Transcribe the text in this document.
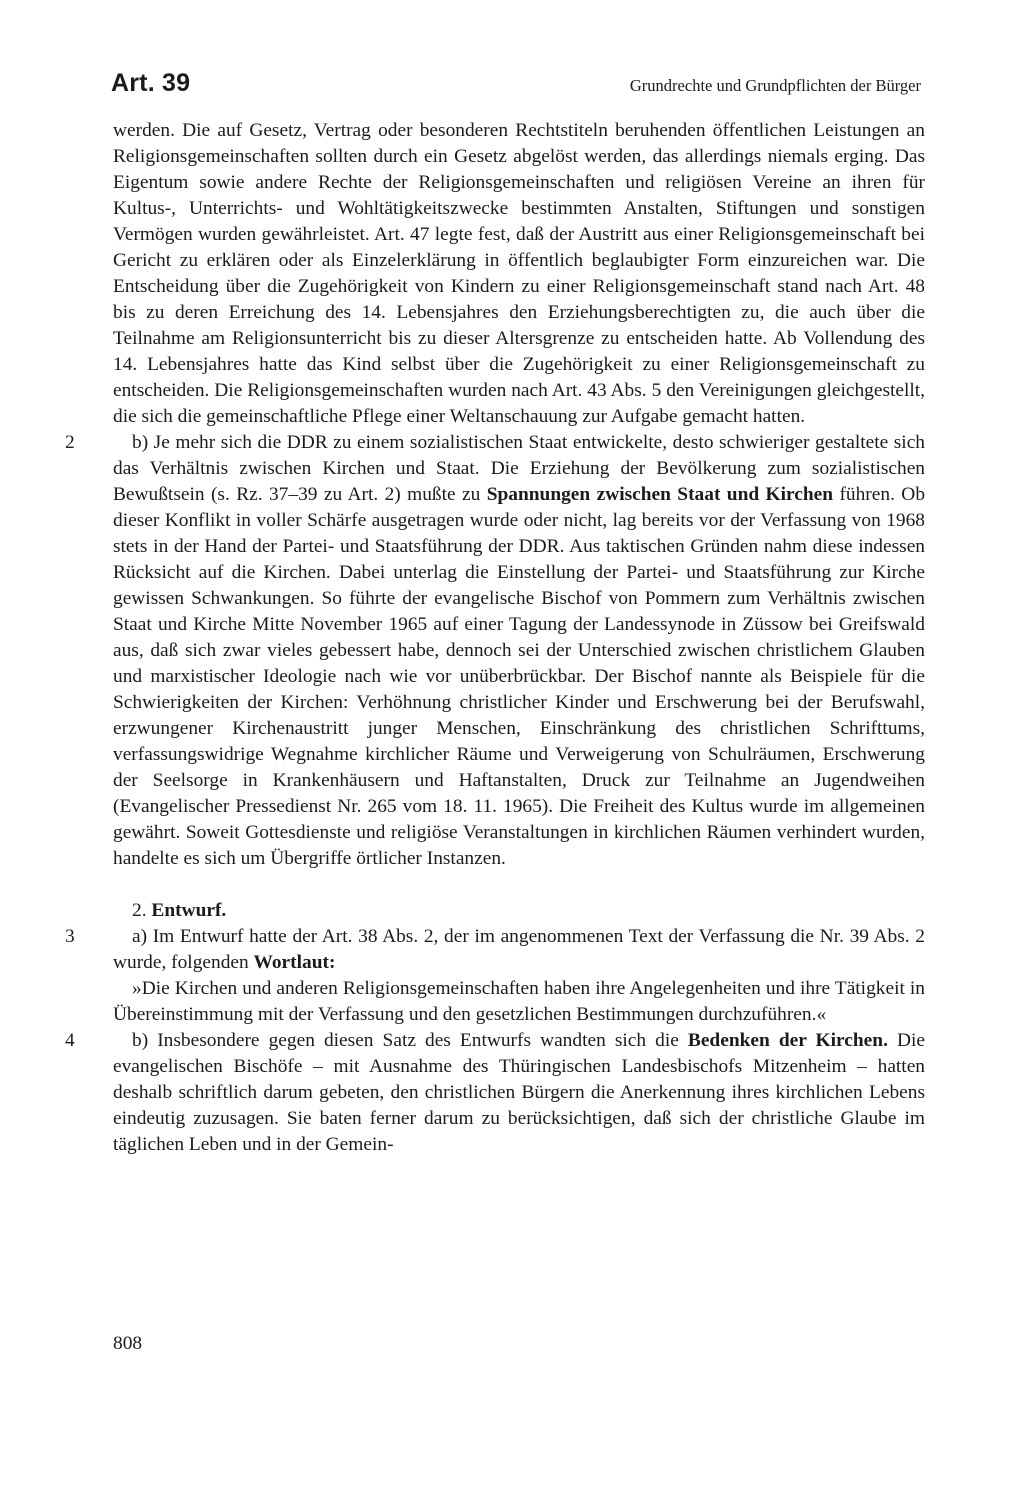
Art. 39	Grundrechte und Grundpflichten der Bürger

werden. Die auf Gesetz, Vertrag oder besonderen Rechtstiteln beruhenden öffentlichen Leistungen an Religionsgemeinschaften sollten durch ein Gesetz abgelöst werden, das allerdings niemals erging. Das Eigentum sowie andere Rechte der Religionsgemeinschaften und religiösen Vereine an ihren für Kultus-, Unterrichts- und Wohltätigkeitszwecke bestimmten Anstalten, Stiftungen und sonstigen Vermögen wurden gewährleistet. Art. 47 legte fest, daß der Austritt aus einer Religionsgemeinschaft bei Gericht zu erklären oder als Einzelerklärung in öffentlich beglaubigter Form einzureichen war. Die Entscheidung über die Zugehörigkeit von Kindern zu einer Religionsgemeinschaft stand nach Art. 48 bis zu deren Erreichung des 14. Lebensjahres den Erziehungsberechtigten zu, die auch über die Teilnahme am Religionsunterricht bis zu dieser Altersgrenze zu entscheiden hatte. Ab Vollendung des 14. Lebensjahres hatte das Kind selbst über die Zugehörigkeit zu einer Religionsgemeinschaft zu entscheiden. Die Religionsgemeinschaften wurden nach Art. 43 Abs. 5 den Vereinigungen gleichgestellt, die sich die gemeinschaftliche Pflege einer Weltanschauung zur Aufgabe gemacht hatten.

2	b) Je mehr sich die DDR zu einem sozialistischen Staat entwickelte, desto schwieriger gestaltete sich das Verhältnis zwischen Kirchen und Staat. Die Erziehung der Bevölkerung zum sozialistischen Bewußtsein (s. Rz. 37–39 zu Art. 2) mußte zu Spannungen zwischen Staat und Kirchen führen. Ob dieser Konflikt in voller Schärfe ausgetragen wurde oder nicht, lag bereits vor der Verfassung von 1968 stets in der Hand der Partei- und Staatsführung der DDR. Aus taktischen Gründen nahm diese indessen Rücksicht auf die Kirchen. Dabei unterlag die Einstellung der Partei- und Staatsführung zur Kirche gewissen Schwankungen. So führte der evangelische Bischof von Pommern zum Verhältnis zwischen Staat und Kirche Mitte November 1965 auf einer Tagung der Landessynode in Züssow bei Greifswald aus, daß sich zwar vieles gebessert habe, dennoch sei der Unterschied zwischen christlichem Glauben und marxistischer Ideologie nach wie vor unüberbrückbar. Der Bischof nannte als Beispiele für die Schwierigkeiten der Kirchen: Verhöhnung christlicher Kinder und Erschwerung bei der Berufswahl, erzwungener Kirchenaustritt junger Menschen, Einschränkung des christlichen Schrifttums, verfassungswidrige Wegnahme kirchlicher Räume und Verweigerung von Schulräumen, Erschwerung der Seelsorge in Krankenhäusern und Haftanstalten, Druck zur Teilnahme an Jugendweihen (Evangelischer Pressedienst Nr. 265 vom 18. 11. 1965). Die Freiheit des Kultus wurde im allgemeinen gewährt. Soweit Gottesdienste und religiöse Veranstaltungen in kirchlichen Räumen verhindert wurden, handelte es sich um Übergriffe örtlicher Instanzen.

2. Entwurf.

3	a) Im Entwurf hatte der Art. 38 Abs. 2, der im angenommenen Text der Verfassung die Nr. 39 Abs. 2 wurde, folgenden Wortlaut:

»Die Kirchen und anderen Religionsgemeinschaften haben ihre Angelegenheiten und ihre Tätigkeit in Übereinstimmung mit der Verfassung und den gesetzlichen Bestimmungen durchzuführen.«

4	b) Insbesondere gegen diesen Satz des Entwurfs wandten sich die Bedenken der Kirchen. Die evangelischen Bischöfe – mit Ausnahme des Thüringischen Landesbischofs Mitzenheim – hatten deshalb schriftlich darum gebeten, den christlichen Bürgern die Anerkennung ihres kirchlichen Lebens eindeutig zuzusagen. Sie baten ferner darum zu berücksichtigen, daß sich der christliche Glaube im täglichen Leben und in der Gemein-

808
